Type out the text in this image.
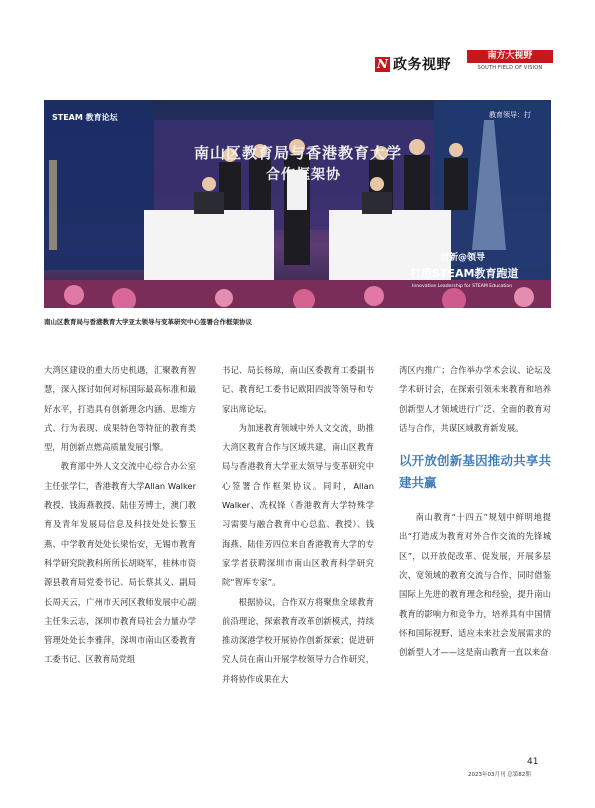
N 政务视野
南方大视野
SOUTH FIELD OF VISION
南山区教育局与香港教育大学
合作框架协
STEAM 教育论坛	教育领导：打
创新@领导
打造STEAM教育跑道
Innovative Leadership for STEAM Education
南山区教育局与香港教育大学亚太领导与变革研究中心签署合作框架协议

大湾区建设的重大历史机遇，汇聚教育智慧，深入探讨如何对标国际最高标准和最好水平，打造具有创新理念内涵、思维方式、行为表现、成果特色等特征的教育类型，用创新点燃高质量发展引擎。

教育部中外人文交流中心综合办公室主任张学仁，香港教育大学Allan Walker教授、钱海燕教授、陆佳芳博士，澳门教育及青年发展局信息及科技处处长黎玉燕、中学教育处处长梁怡安，无锡市教育科学研究院教科所所长胡晓军，桂林市资源县教育局党委书记、局长蔡其义、副局长周天云，广州市天河区教师发展中心副主任朱云志，深圳市教育局社会力量办学管理处处长李雅萍，深圳市南山区委教育工委书记、区教育局党组

书记、局长杨琼，南山区委教育工委副书记、教育纪工委书记欧阳四波等领导和专家出席论坛。

为加速教育领域中外人文交流，助推大湾区教育合作与区域共建，南山区教育局与香港教育大学亚太领导与变革研究中心签署合作框架协议。同时，Allan Walker、冼权锋（香港教育大学特殊学习需要与融合教育中心总监、教授）、钱海燕、陆佳芳四位来自香港教育大学的专家学者获聘深圳市南山区教育科学研究院“智库专家”。

根据协议，合作双方将聚焦全球教育前沿理论，探索教育改革创新模式，持续推动深港学校开展协作创新探索；促进研究人员在南山开展学校领导力合作研究，并将协作成果在大

湾区内推广；合作举办学术会议、论坛及学术研讨会，在探索引领未来教育和培养创新型人才领域进行广泛、全面的教育对话与合作，共谋区域教育新发展。

以开放创新基因推动共享共建共赢

南山教育“十四五”规划中鲜明地提出“打造成为教育对外合作交流的先锋城区”，以开放促改革、促发展，开展多层次、宽领域的教育交流与合作，同时借鉴国际上先进的教育理念和经验，提升南山教育的影响力和竞争力，培养具有中国情怀和国际视野、适应未来社会发展需求的创新型人才——这是南山教育一直以来奋

41
2023年03月刊 总第82期
